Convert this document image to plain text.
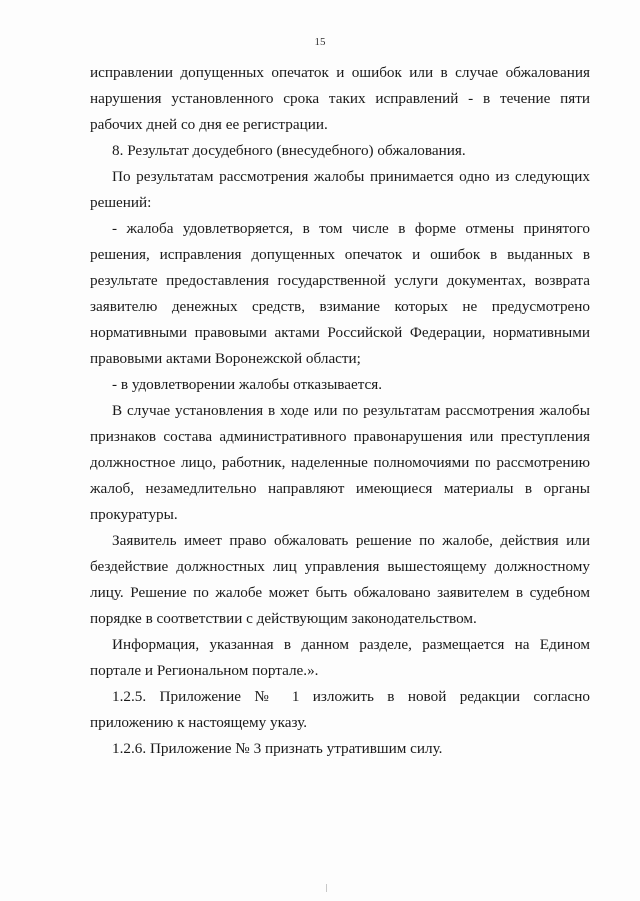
15

исправлении допущенных опечаток и ошибок или в случае обжалования нарушения установленного срока таких исправлений - в течение пяти рабочих дней со дня ее регистрации.

8. Результат досудебного (внесудебного) обжалования.

По результатам рассмотрения жалобы принимается одно из следующих решений:

- жалоба удовлетворяется, в том числе в форме отмены принятого решения, исправления допущенных опечаток и ошибок в выданных в результате предоставления государственной услуги документах, возврата заявителю денежных средств, взимание которых не предусмотрено нормативными правовыми актами Российской Федерации, нормативными правовыми актами Воронежской области;

- в удовлетворении жалобы отказывается.

В случае установления в ходе или по результатам рассмотрения жалобы признаков состава административного правонарушения или преступления должностное лицо, работник, наделенные полномочиями по рассмотрению жалоб, незамедлительно направляют имеющиеся материалы в органы прокуратуры.

Заявитель имеет право обжаловать решение по жалобе, действия или бездействие должностных лиц управления вышестоящему должностному лицу. Решение по жалобе может быть обжаловано заявителем в судебном порядке в соответствии с действующим законодательством.

Информация, указанная в данном разделе, размещается на Едином портале и Региональном портале.».

1.2.5. Приложение № 1 изложить в новой редакции согласно приложению к настоящему указу.

1.2.6. Приложение № 3 признать утратившим силу.
